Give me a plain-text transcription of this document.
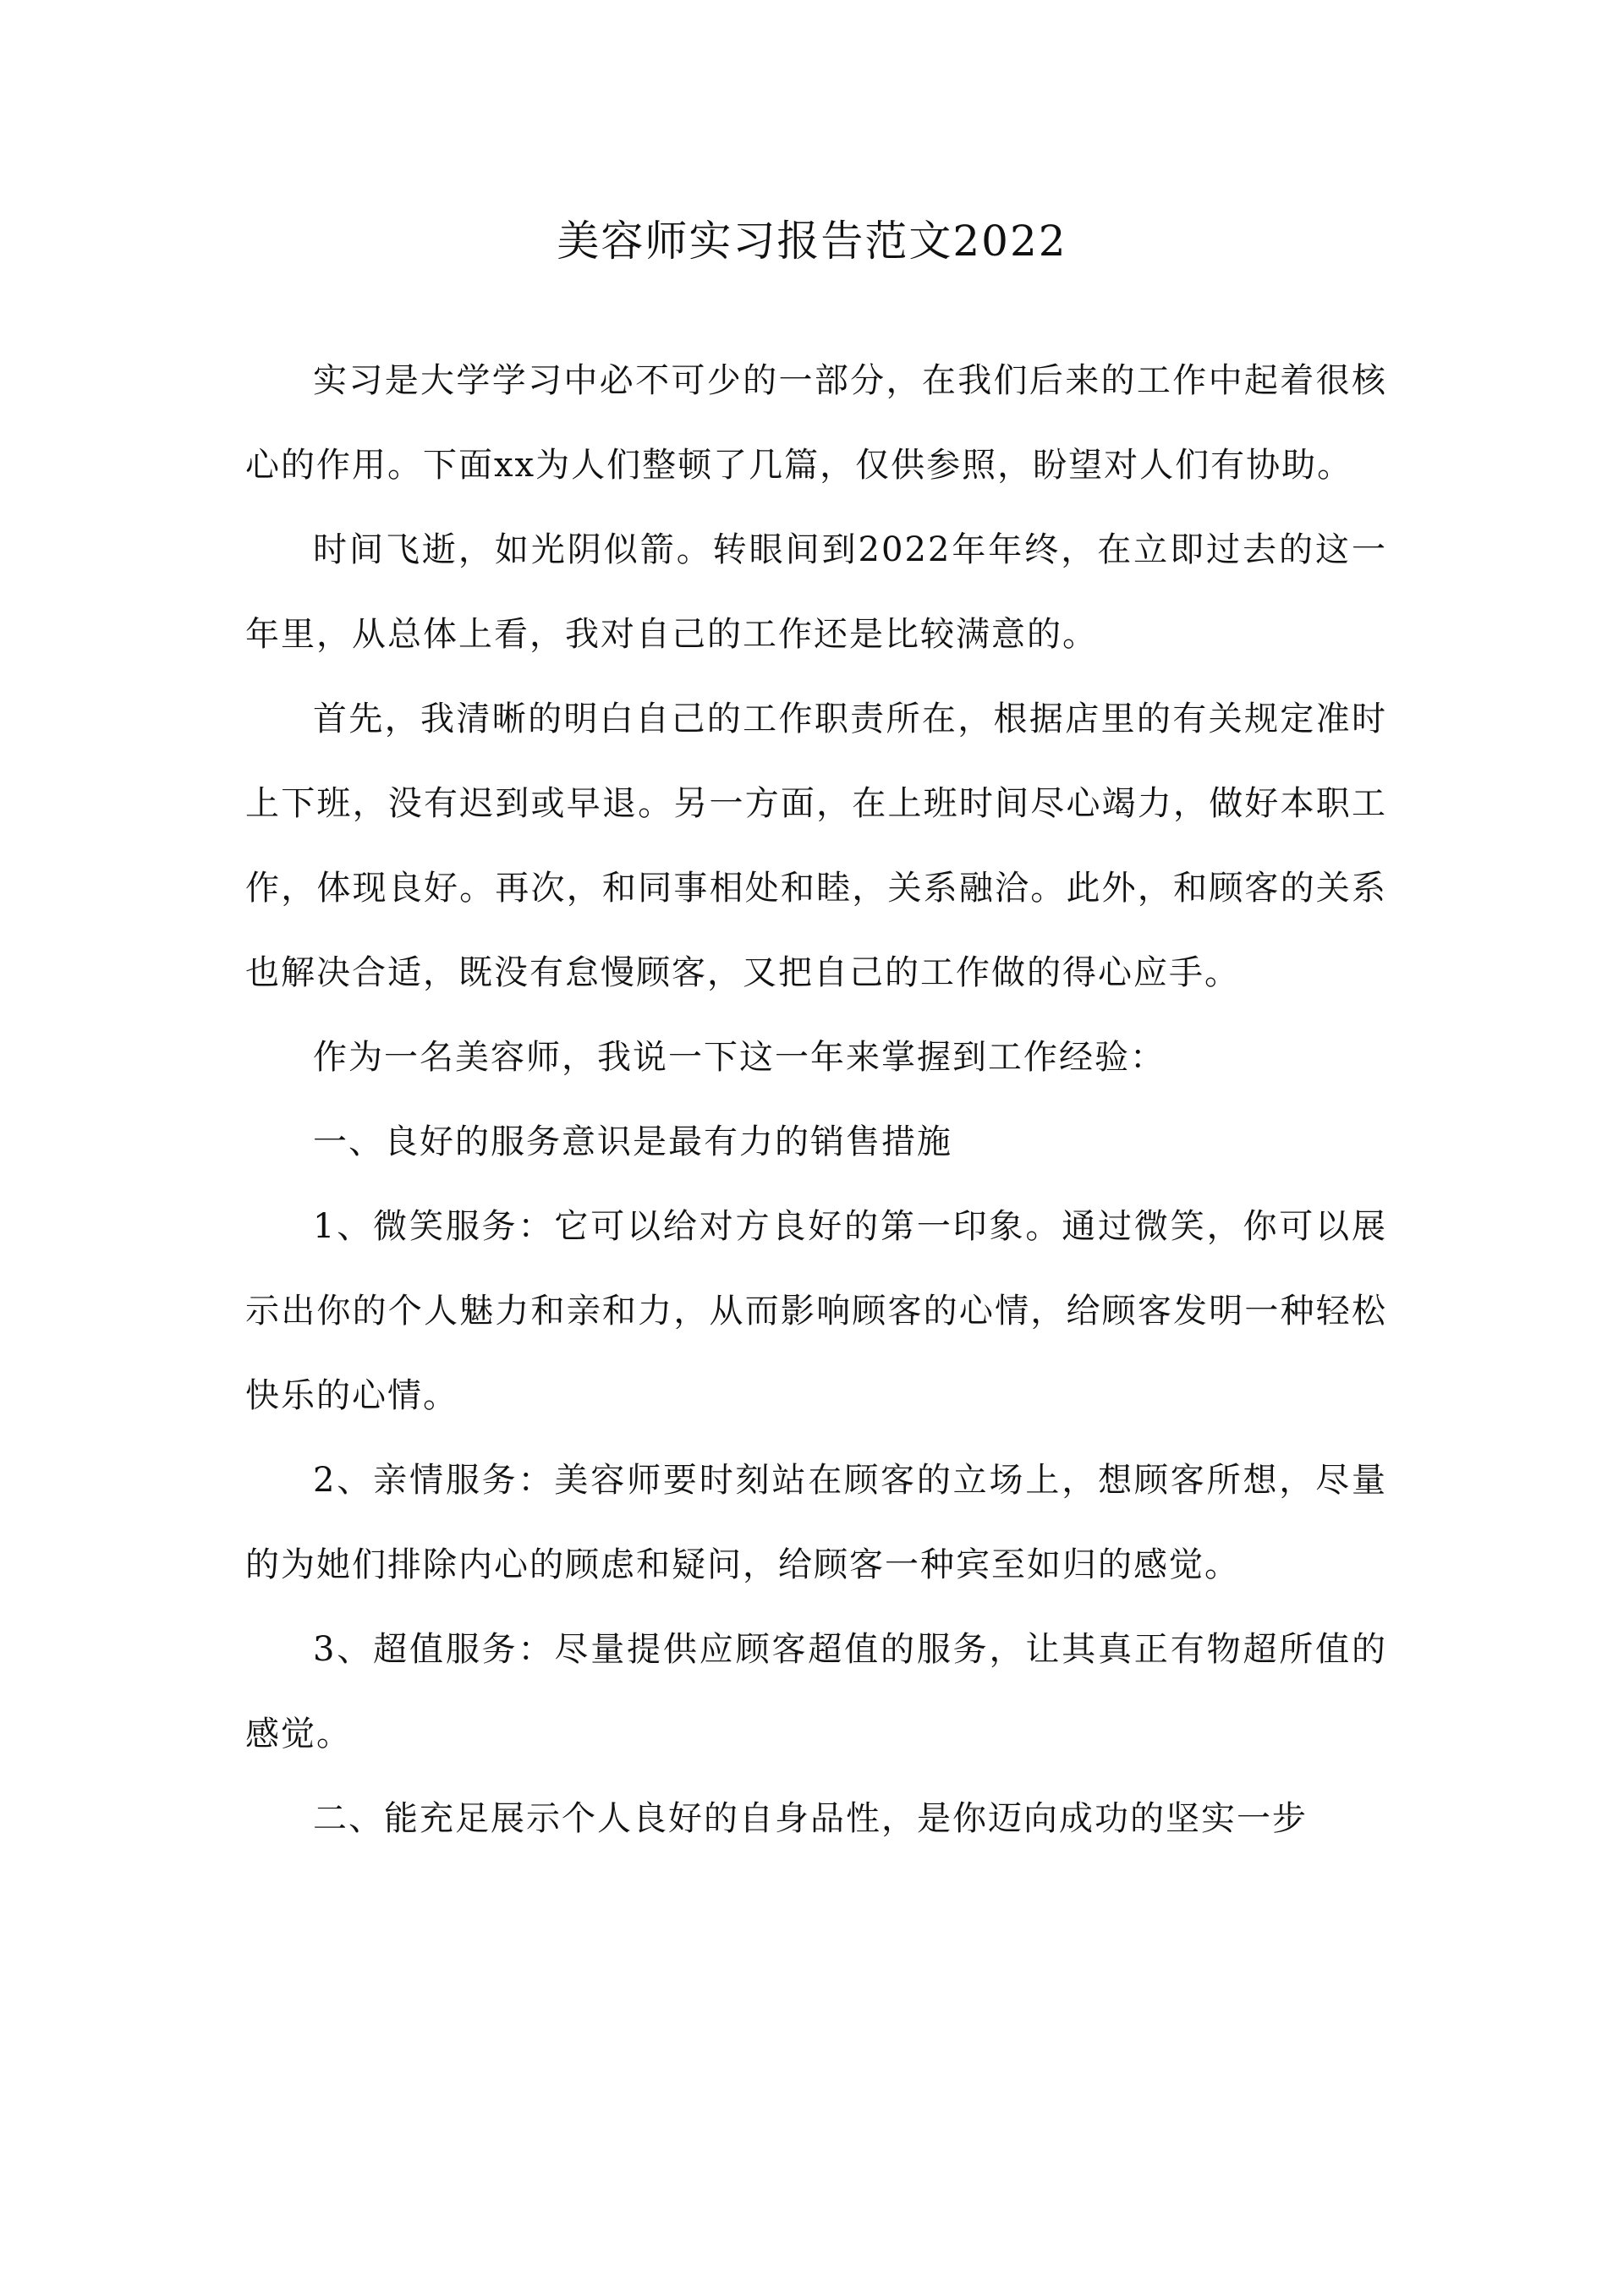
美容师实习报告范文2022

实习是大学学习中必不可少的一部分，在我们后来的工作中起着很核心的作用。下面xx为人们整顿了几篇，仅供参照，盼望对人们有协助。

时间飞逝，如光阴似箭。转眼间到2022年年终，在立即过去的这一年里，从总体上看，我对自己的工作还是比较满意的。

首先，我清晰的明白自己的工作职责所在，根据店里的有关规定准时上下班，没有迟到或早退。另一方面，在上班时间尽心竭力，做好本职工作，体现良好。再次，和同事相处和睦，关系融洽。此外，和顾客的关系也解决合适，既没有怠慢顾客，又把自己的工作做的得心应手。

作为一名美容师，我说一下这一年来掌握到工作经验：

一、良好的服务意识是最有力的销售措施

1、微笑服务：它可以给对方良好的第一印象。通过微笑，你可以展示出你的个人魅力和亲和力，从而影响顾客的心情，给顾客发明一种轻松快乐的心情。

2、亲情服务：美容师要时刻站在顾客的立场上，想顾客所想，尽量的为她们排除内心的顾虑和疑问，给顾客一种宾至如归的感觉。

3、超值服务：尽量提供应顾客超值的服务，让其真正有物超所值的感觉。

二、能充足展示个人良好的自身品性，是你迈向成功的坚实一步
